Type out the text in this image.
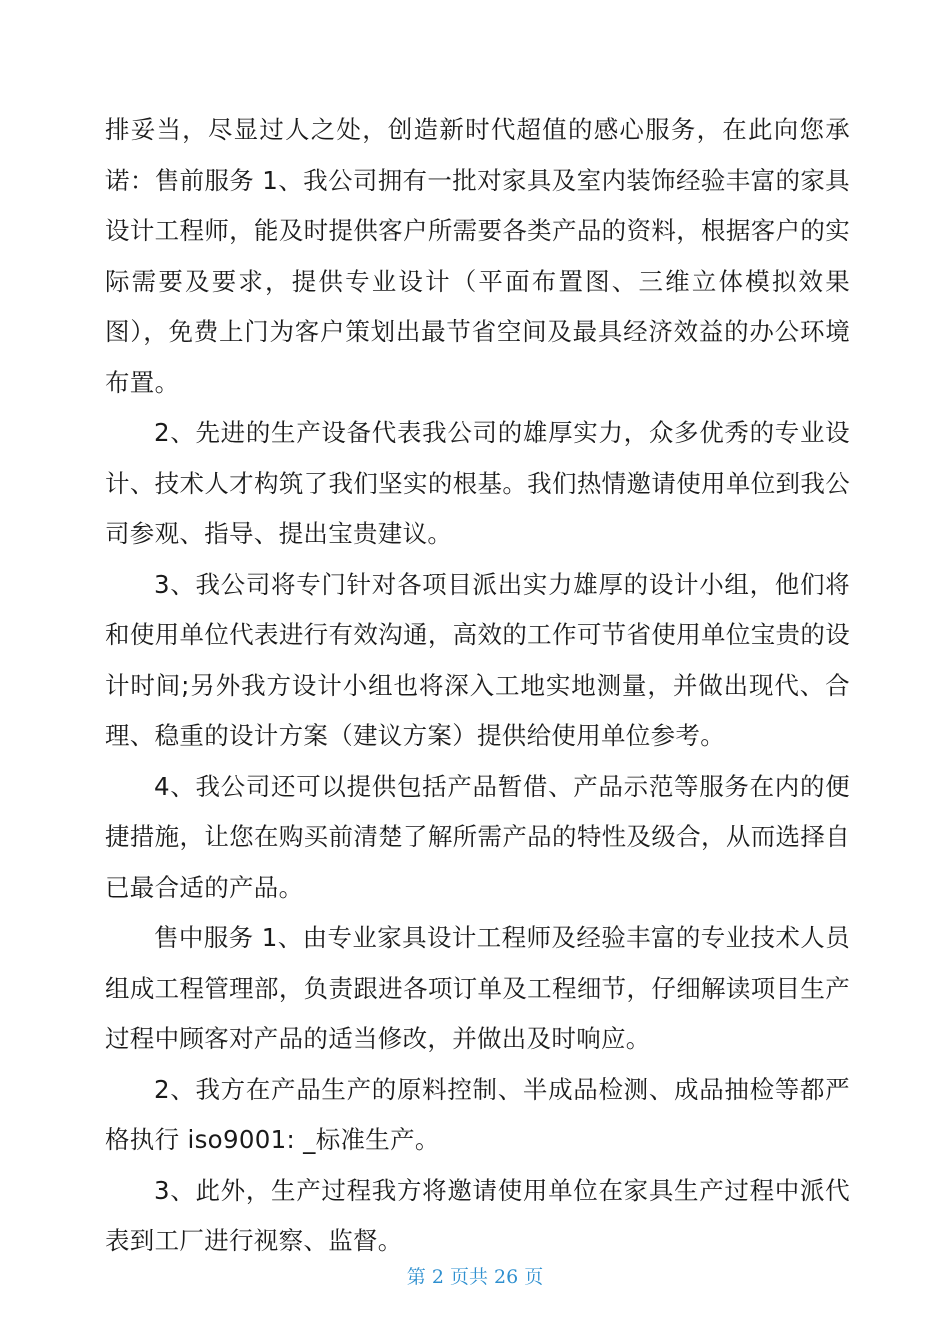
排妥当，尽显过人之处，创造新时代超值的感心服务，在此向您承诺：售前服务 1、我公司拥有一批对家具及室内装饰经验丰富的家具设计工程师，能及时提供客户所需要各类产品的资料，根据客户的实际需要及要求，提供专业设计（平面布置图、三维立体模拟效果图），免费上门为客户策划出最节省空间及最具经济效益的办公环境布置。

2、先进的生产设备代表我公司的雄厚实力，众多优秀的专业设计、技术人才构筑了我们坚实的根基。我们热情邀请使用单位到我公司参观、指导、提出宝贵建议。

3、我公司将专门针对各项目派出实力雄厚的设计小组，他们将和使用单位代表进行有效沟通，高效的工作可节省使用单位宝贵的设计时间;另外我方设计小组也将深入工地实地测量，并做出现代、合理、稳重的设计方案（建议方案）提供给使用单位参考。

4、我公司还可以提供包括产品暂借、产品示范等服务在内的便捷措施，让您在购买前清楚了解所需产品的特性及级合，从而选择自已最合适的产品。

售中服务 1、由专业家具设计工程师及经验丰富的专业技术人员组成工程管理部，负责跟进各项订单及工程细节，仔细解读项目生产过程中顾客对产品的适当修改，并做出及时响应。

2、我方在产品生产的原料控制、半成品检测、成品抽检等都严格执行 iso9001: _标准生产。

3、此外，生产过程我方将邀请使用单位在家具生产过程中派代表到工厂进行视察、监督。

第 2 页共 26 页
